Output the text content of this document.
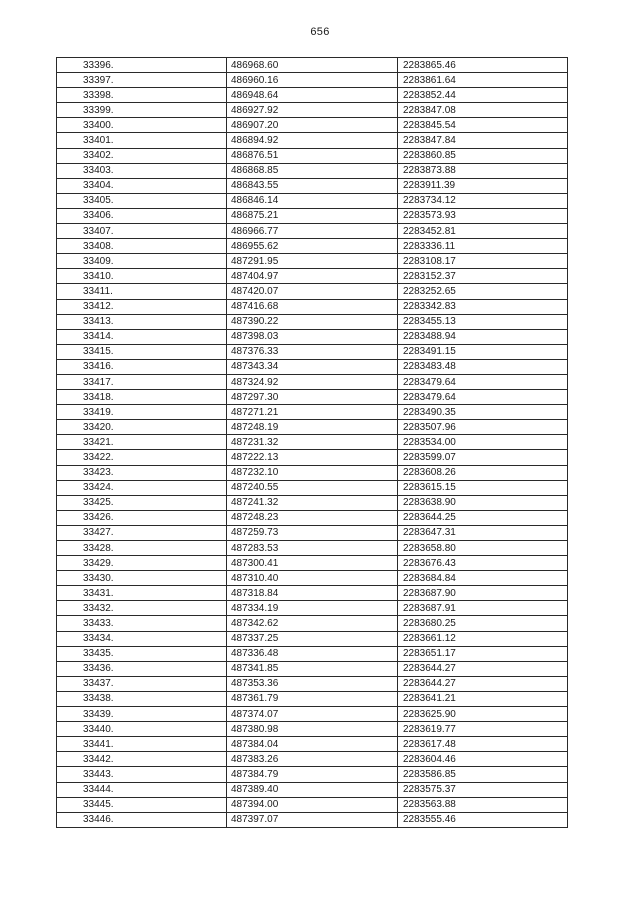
656
33396.	486968.60	2283865.46
33397.	486960.16	2283861.64
33398.	486948.64	2283852.44
33399.	486927.92	2283847.08
33400.	486907.20	2283845.54
33401.	486894.92	2283847.84
33402.	486876.51	2283860.85
33403.	486868.85	2283873.88
33404.	486843.55	2283911.39
33405.	486846.14	2283734.12
33406.	486875.21	2283573.93
33407.	486966.77	2283452.81
33408.	486955.62	2283336.11
33409.	487291.95	2283108.17
33410.	487404.97	2283152.37
33411.	487420.07	2283252.65
33412.	487416.68	2283342.83
33413.	487390.22	2283455.13
33414.	487398.03	2283488.94
33415.	487376.33	2283491.15
33416.	487343.34	2283483.48
33417.	487324.92	2283479.64
33418.	487297.30	2283479.64
33419.	487271.21	2283490.35
33420.	487248.19	2283507.96
33421.	487231.32	2283534.00
33422.	487222.13	2283599.07
33423.	487232.10	2283608.26
33424.	487240.55	2283615.15
33425.	487241.32	2283638.90
33426.	487248.23	2283644.25
33427.	487259.73	2283647.31
33428.	487283.53	2283658.80
33429.	487300.41	2283676.43
33430.	487310.40	2283684.84
33431.	487318.84	2283687.90
33432.	487334.19	2283687.91
33433.	487342.62	2283680.25
33434.	487337.25	2283661.12
33435.	487336.48	2283651.17
33436.	487341.85	2283644.27
33437.	487353.36	2283644.27
33438.	487361.79	2283641.21
33439.	487374.07	2283625.90
33440.	487380.98	2283619.77
33441.	487384.04	2283617.48
33442.	487383.26	2283604.46
33443.	487384.79	2283586.85
33444.	487389.40	2283575.37
33445.	487394.00	2283563.88
33446.	487397.07	2283555.46
